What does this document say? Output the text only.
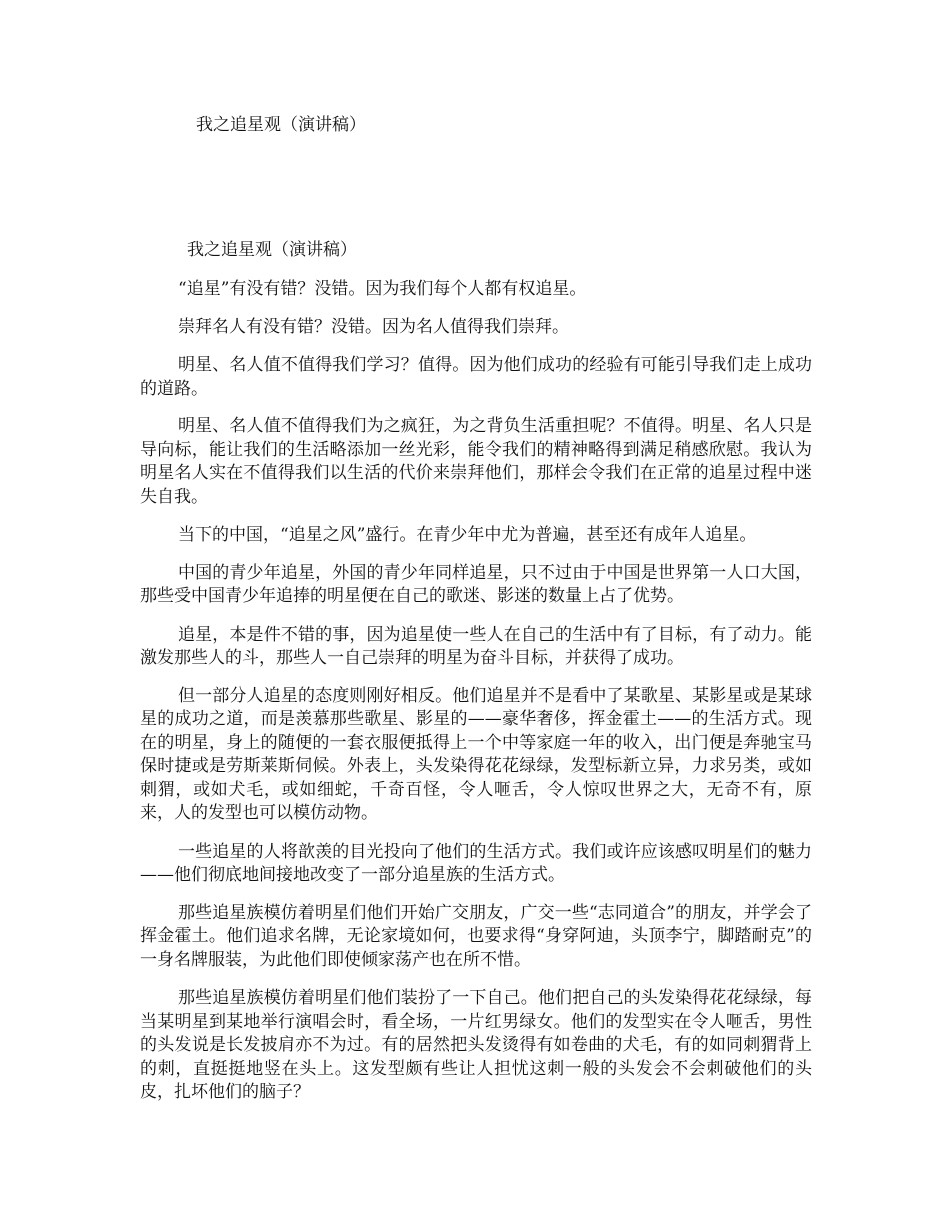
我之追星观（演讲稿）
我之追星观（演讲稿）

“追星”有没有错？没错。因为我们每个人都有权追星。

崇拜名人有没有错？没错。因为名人值得我们崇拜。

明星、名人值不值得我们学习？值得。因为他们成功的经验有可能引导我们走上成功的道路。

明星、名人值不值得我们为之疯狂，为之背负生活重担呢？不值得。明星、名人只是导向标，能让我们的生活略添加一丝光彩，能令我们的精神略得到满足稍感欣慰。我认为明星名人实在不值得我们以生活的代价来崇拜他们，那样会令我们在正常的追星过程中迷失自我。

当下的中国，“追星之风”盛行。在青少年中尤为普遍，甚至还有成年人追星。

中国的青少年追星，外国的青少年同样追星，只不过由于中国是世界第一人口大国，那些受中国青少年追捧的明星便在自己的歌迷、影迷的数量上占了优势。

追星，本是件不错的事，因为追星使一些人在自己的生活中有了目标，有了动力。能激发那些人的斗，那些人一自己崇拜的明星为奋斗目标，并获得了成功。

但一部分人追星的态度则刚好相反。他们追星并不是看中了某歌星、某影星或是某球星的成功之道，而是羡慕那些歌星、影星的——豪华奢侈，挥金霍土——的生活方式。现在的明星，身上的随便的一套衣服便抵得上一个中等家庭一年的收入，出门便是奔驰宝马保时捷或是劳斯莱斯伺候。外表上，头发染得花花绿绿，发型标新立异，力求另类，或如刺猬，或如犬毛，或如细蛇，千奇百怪，令人咂舌，令人惊叹世界之大，无奇不有，原来，人的发型也可以模仿动物。

一些追星的人将歆羡的目光投向了他们的生活方式。我们或许应该感叹明星们的魅力——他们彻底地间接地改变了一部分追星族的生活方式。

那些追星族模仿着明星们他们开始广交朋友，广交一些“志同道合”的朋友，并学会了挥金霍土。他们追求名牌，无论家境如何，也要求得“身穿阿迪，头顶李宁，脚踏耐克”的一身名牌服装，为此他们即使倾家荡产也在所不惜。

那些追星族模仿着明星们他们装扮了一下自己。他们把自己的头发染得花花绿绿，每当某明星到某地举行演唱会时，看全场，一片红男绿女。他们的发型实在令人咂舌，男性的头发说是长发披肩亦不为过。有的居然把头发烫得有如卷曲的犬毛，有的如同刺猬背上的刺，直挺挺地竖在头上。这发型颇有些让人担忧这刺一般的头发会不会刺破他们的头皮，扎坏他们的脑子？
